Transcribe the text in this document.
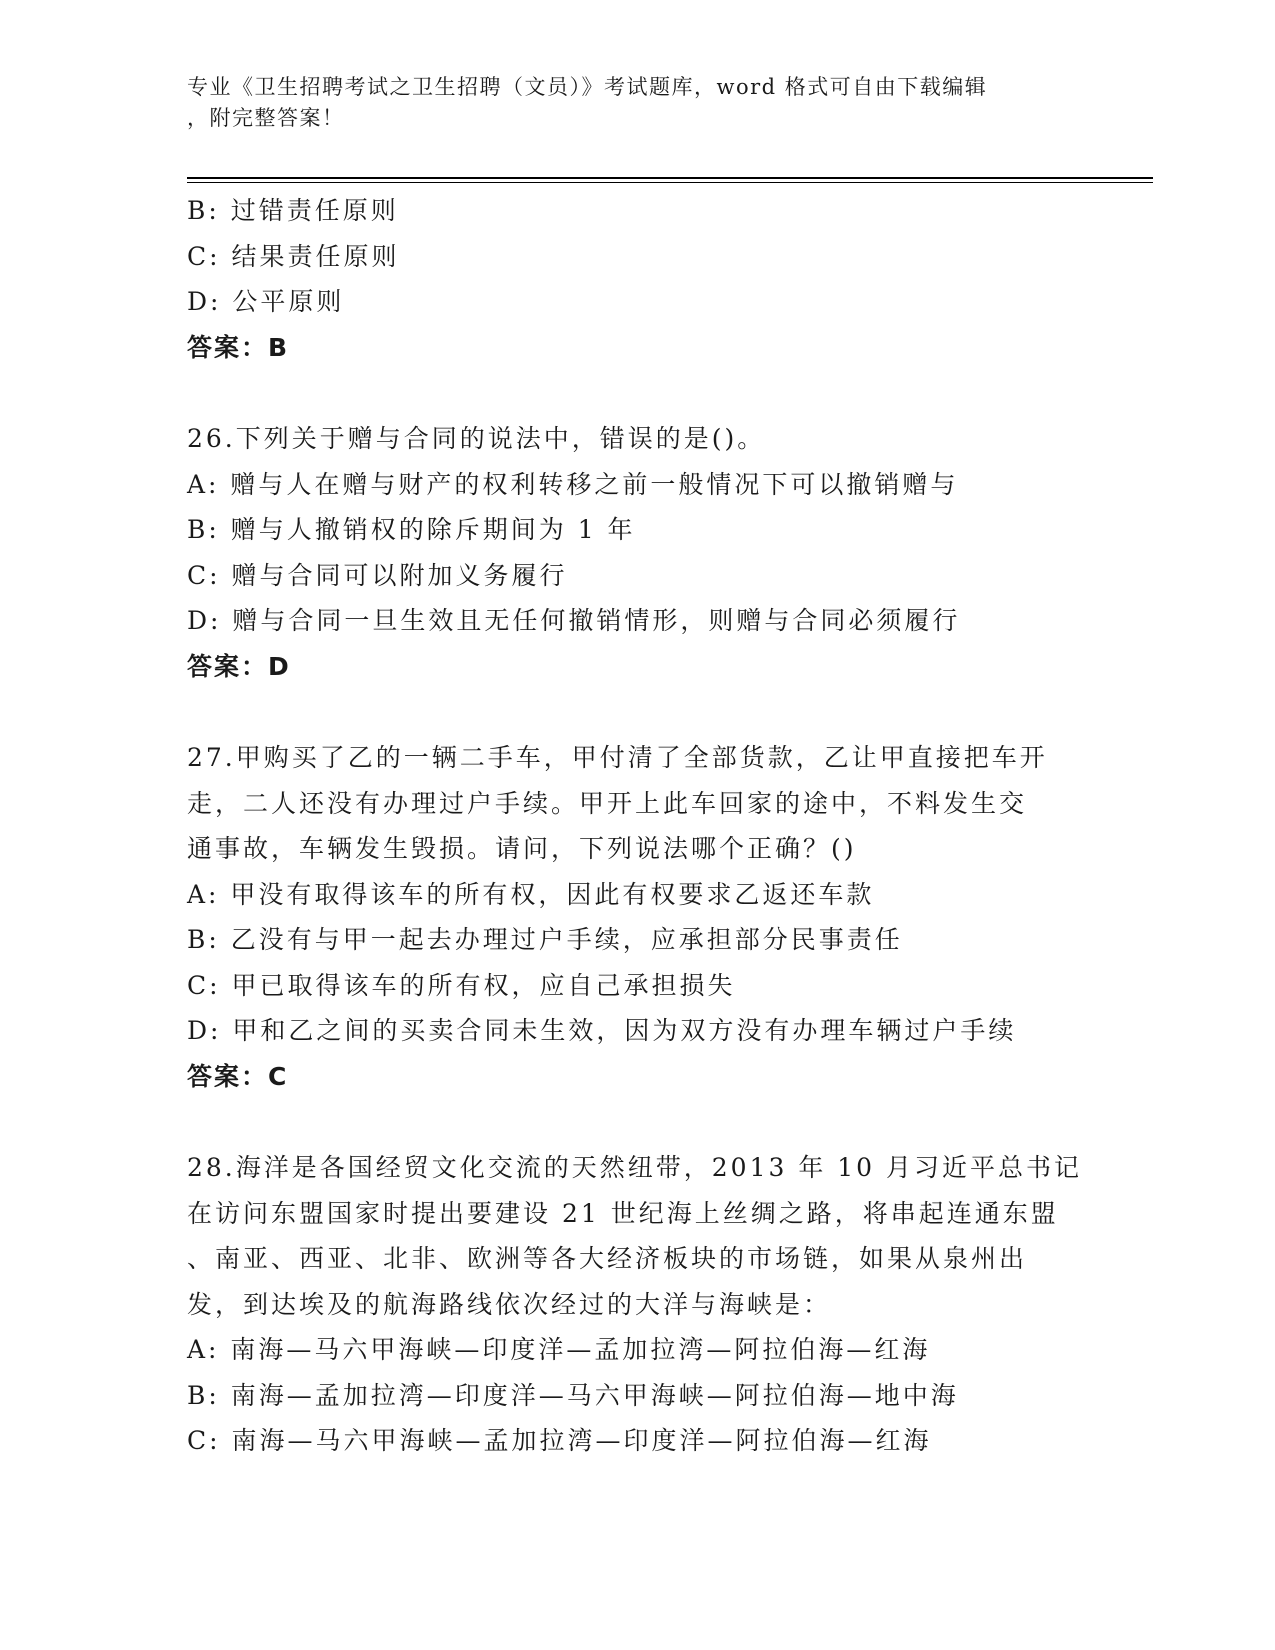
专业《卫生招聘考试之卫生招聘（文员）》考试题库，word 格式可自由下载编辑
，附完整答案！
B: 过错责任原则
C: 结果责任原则
D: 公平原则
答案：B
26.下列关于赠与合同的说法中，错误的是()。
A: 赠与人在赠与财产的权利转移之前一般情况下可以撤销赠与
B: 赠与人撤销权的除斥期间为 1 年
C: 赠与合同可以附加义务履行
D: 赠与合同一旦生效且无任何撤销情形，则赠与合同必须履行
答案：D
27.甲购买了乙的一辆二手车，甲付清了全部货款，乙让甲直接把车开
走，二人还没有办理过户手续。甲开上此车回家的途中，不料发生交
通事故，车辆发生毁损。请问，下列说法哪个正确？()
A: 甲没有取得该车的所有权，因此有权要求乙返还车款
B: 乙没有与甲一起去办理过户手续，应承担部分民事责任
C: 甲已取得该车的所有权，应自己承担损失
D: 甲和乙之间的买卖合同未生效，因为双方没有办理车辆过户手续
答案：C
28.海洋是各国经贸文化交流的天然纽带，2013 年 10 月习近平总书记
在访问东盟国家时提出要建设 21 世纪海上丝绸之路，将串起连通东盟
、南亚、西亚、北非、欧洲等各大经济板块的市场链，如果从泉州出
发，到达埃及的航海路线依次经过的大洋与海峡是：
A: 南海—马六甲海峡—印度洋—孟加拉湾—阿拉伯海—红海
B: 南海—孟加拉湾—印度洋—马六甲海峡—阿拉伯海—地中海
C: 南海—马六甲海峡—孟加拉湾—印度洋—阿拉伯海—红海
